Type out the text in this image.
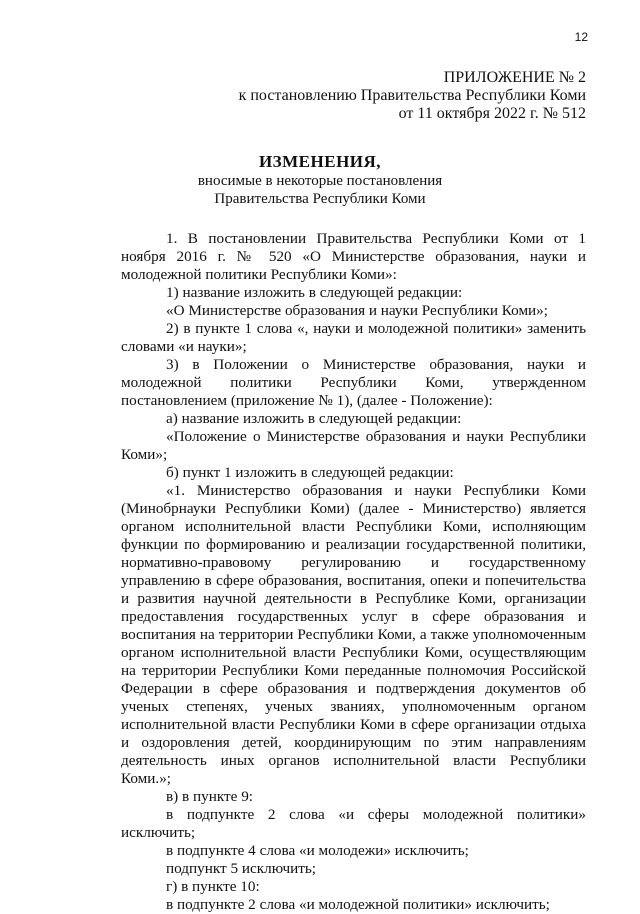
12
ПРИЛОЖЕНИЕ № 2
к постановлению Правительства Республики Коми
от 11 октября 2022 г. № 512
ИЗМЕНЕНИЯ,
вносимые в некоторые постановления
Правительства Республики Коми

1. В постановлении Правительства Республики Коми от 1 ноября 2016 г. № 520 «О Министерстве образования, науки и молодежной политики Республики Коми»:

1) название изложить в следующей редакции:

«О Министерстве образования и науки Республики Коми»;

2) в пункте 1 слова «, науки и молодежной политики» заменить словами «и науки»;

3) в Положении о Министерстве образования, науки и молодежной политики Республики Коми, утвержденном постановлением (приложение № 1), (далее - Положение):

а) название изложить в следующей редакции:

«Положение о Министерстве образования и науки Республики Коми»;

б) пункт 1 изложить в следующей редакции:

«1. Министерство образования и науки Республики Коми (Минобрнауки Республики Коми) (далее - Министерство) является органом исполнительной власти Республики Коми, исполняющим функции по формированию и реализации государственной политики, нормативно-правовому регулированию и государственному управлению в сфере образования, воспитания, опеки и попечительства и развития научной деятельности в Республике Коми, организации предоставления государственных услуг в сфере образования и воспитания на территории Республики Коми, а также уполномоченным органом исполнительной власти Республики Коми, осуществляющим на территории Республики Коми переданные полномочия Российской Федерации в сфере образования и подтверждения документов об ученых степенях, ученых званиях, уполномоченным органом исполнительной власти Республики Коми в сфере организации отдыха и оздоровления детей, координирующим по этим направлениям деятельность иных органов исполнительной власти Республики Коми.»;

в) в пункте 9:

в подпункте 2 слова «и сферы молодежной политики» исключить;

в подпункте 4 слова «и молодежи» исключить;

подпункт 5 исключить;

г) в пункте 10:

в подпункте 2 слова «и молодежной политики» исключить;
